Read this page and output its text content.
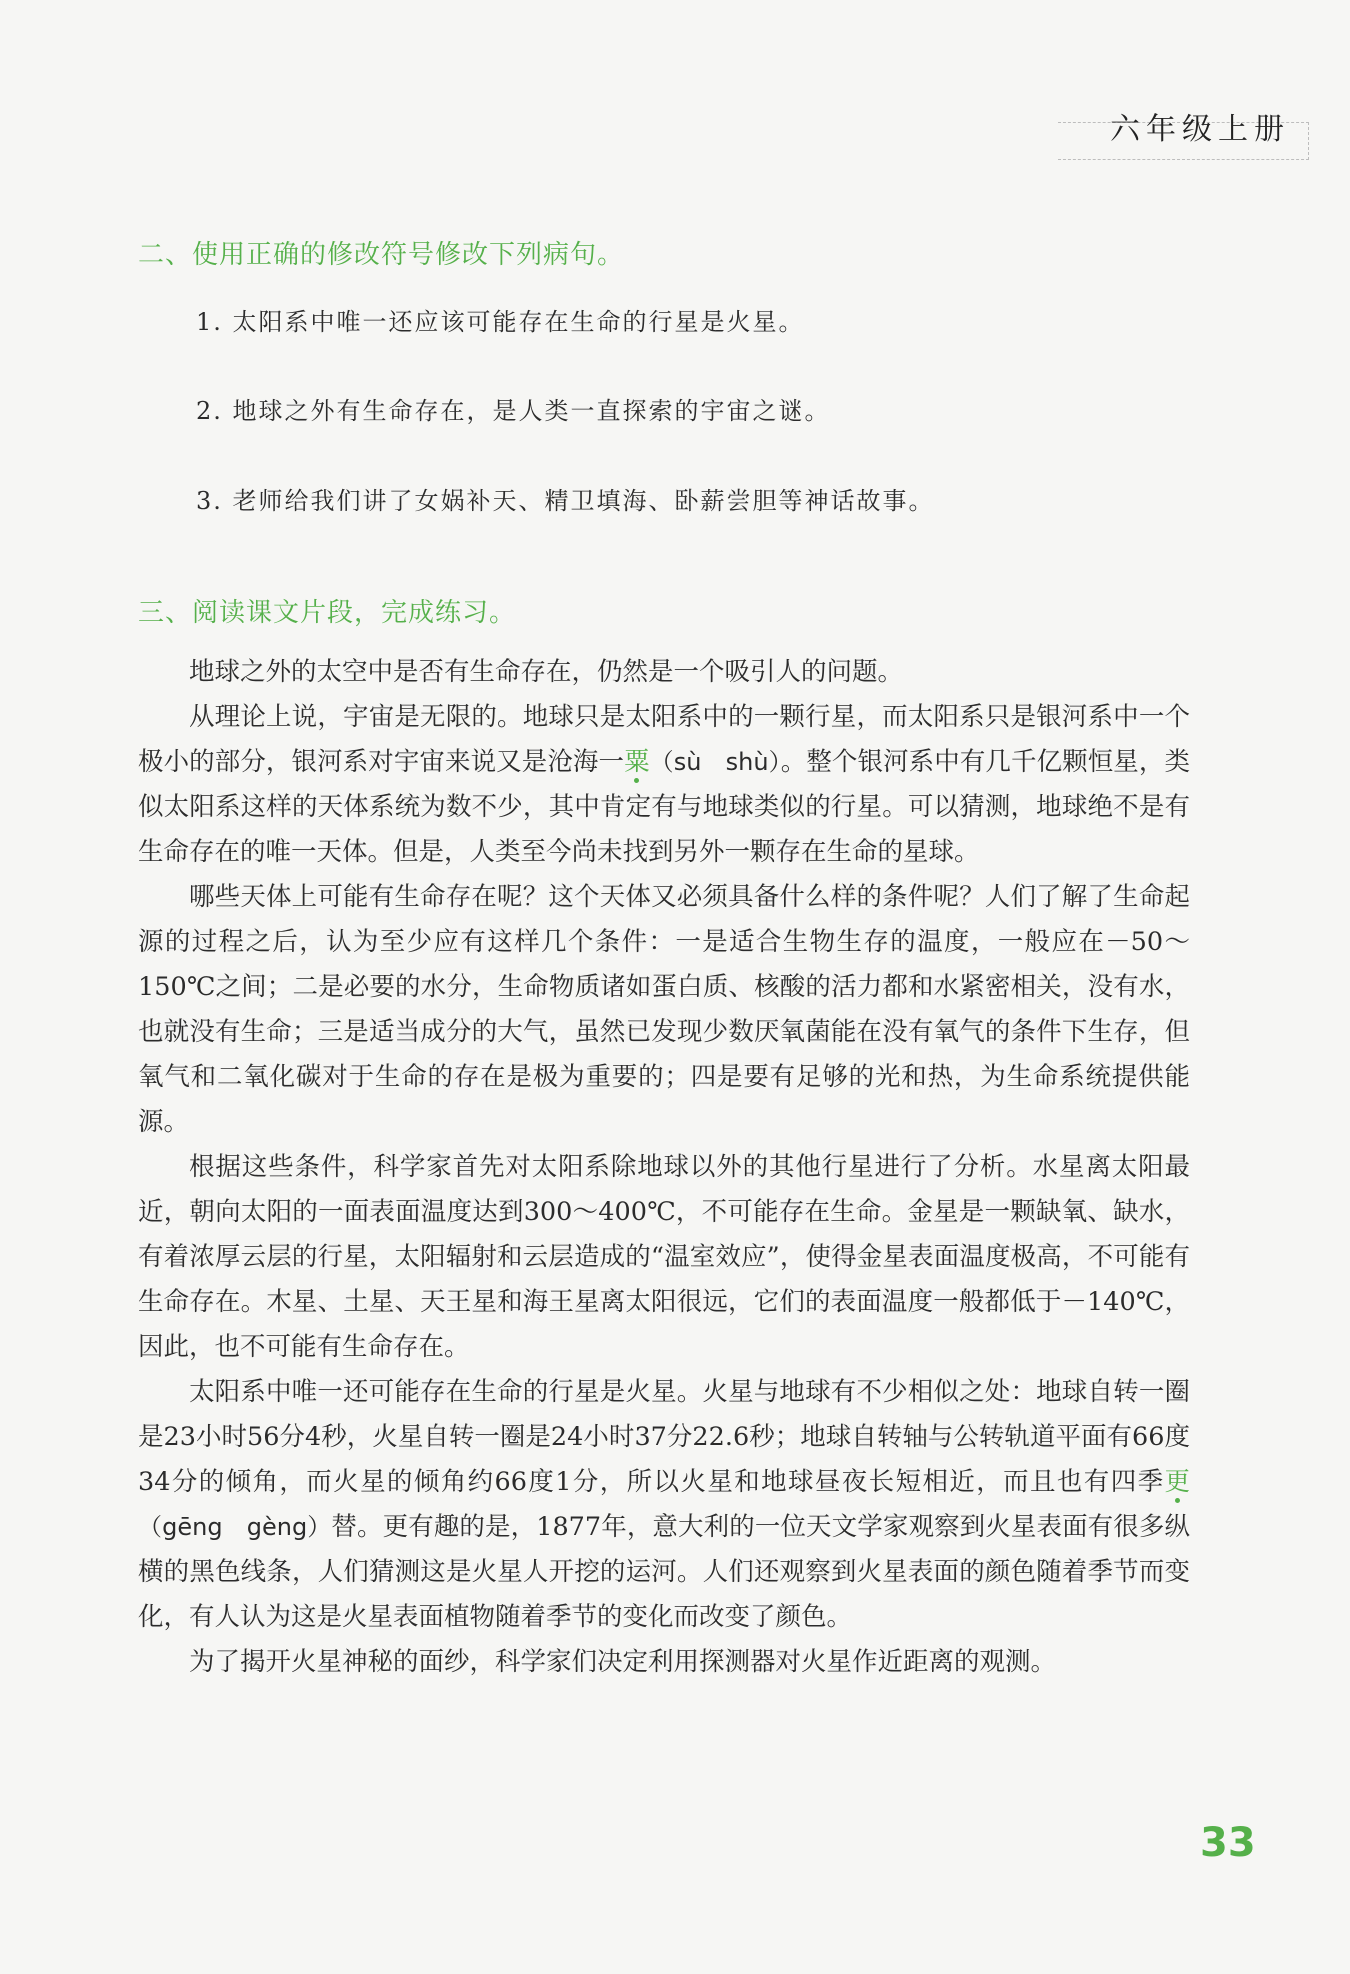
六年级上册
二、使用正确的修改符号修改下列病句。
1. 太阳系中唯一还应该可能存在生命的行星是火星。
2. 地球之外有生命存在，是人类一直探索的宇宙之谜。
3. 老师给我们讲了女娲补天、精卫填海、卧薪尝胆等神话故事。
三、阅读课文片段，完成练习。

地球之外的太空中是否有生命存在，仍然是一个吸引人的问题。

从理论上说，宇宙是无限的。地球只是太阳系中的一颗行星，而太阳系只是银河系中一个极小的部分，银河系对宇宙来说又是沧海一粟（sù　shù）。整个银河系中有几千亿颗恒星，类似太阳系这样的天体系统为数不少，其中肯定有与地球类似的行星。可以猜测，地球绝不是有生命存在的唯一天体。但是，人类至今尚未找到另外一颗存在生命的星球。

哪些天体上可能有生命存在呢？这个天体又必须具备什么样的条件呢？人们了解了生命起源的过程之后，认为至少应有这样几个条件：一是适合生物生存的温度，一般应在－50～150℃之间；二是必要的水分，生命物质诸如蛋白质、核酸的活力都和水紧密相关，没有水，也就没有生命；三是适当成分的大气，虽然已发现少数厌氧菌能在没有氧气的条件下生存，但氧气和二氧化碳对于生命的存在是极为重要的；四是要有足够的光和热，为生命系统提供能源。

根据这些条件，科学家首先对太阳系除地球以外的其他行星进行了分析。水星离太阳最近，朝向太阳的一面表面温度达到300～400℃，不可能存在生命。金星是一颗缺氧、缺水，有着浓厚云层的行星，太阳辐射和云层造成的“温室效应”，使得金星表面温度极高，不可能有生命存在。木星、土星、天王星和海王星离太阳很远，它们的表面温度一般都低于－140℃，因此，也不可能有生命存在。

太阳系中唯一还可能存在生命的行星是火星。火星与地球有不少相似之处：地球自转一圈是23小时56分4秒，火星自转一圈是24小时37分22.6秒；地球自转轴与公转轨道平面有66度34分的倾角，而火星的倾角约66度1分，所以火星和地球昼夜长短相近，而且也有四季更（gēng　gèng）替。更有趣的是，1877年，意大利的一位天文学家观察到火星表面有很多纵横的黑色线条，人们猜测这是火星人开挖的运河。人们还观察到火星表面的颜色随着季节而变化，有人认为这是火星表面植物随着季节的变化而改变了颜色。

为了揭开火星神秘的面纱，科学家们决定利用探测器对火星作近距离的观测。

33
